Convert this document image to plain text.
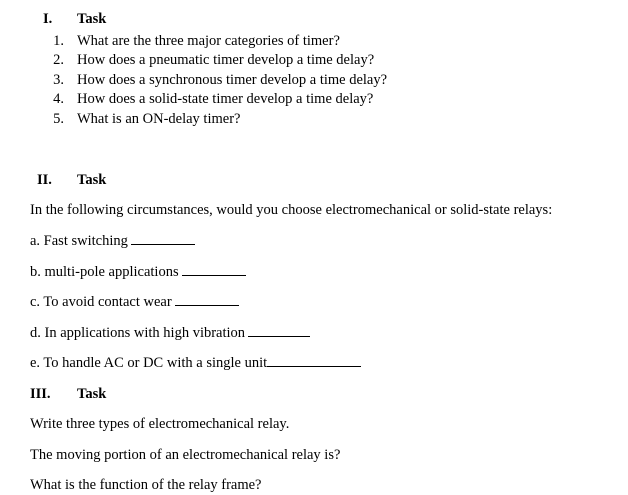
I. Task
1. What are the three major categories of timer?
2. How does a pneumatic timer develop a time delay?
3. How does a synchronous timer develop a time delay?
4. How does a solid-state timer develop a time delay?
5. What is an ON-delay timer?
II. Task
In the following circumstances, would you choose electromechanical or solid-state relays:
a. Fast switching
b. multi-pole applications
c. To avoid contact wear
d. In applications with high vibration
e. To handle AC or DC with a single unit
III. Task
Write three types of electromechanical relay.
The moving portion of an electromechanical relay is?
What is the function of the relay frame?
